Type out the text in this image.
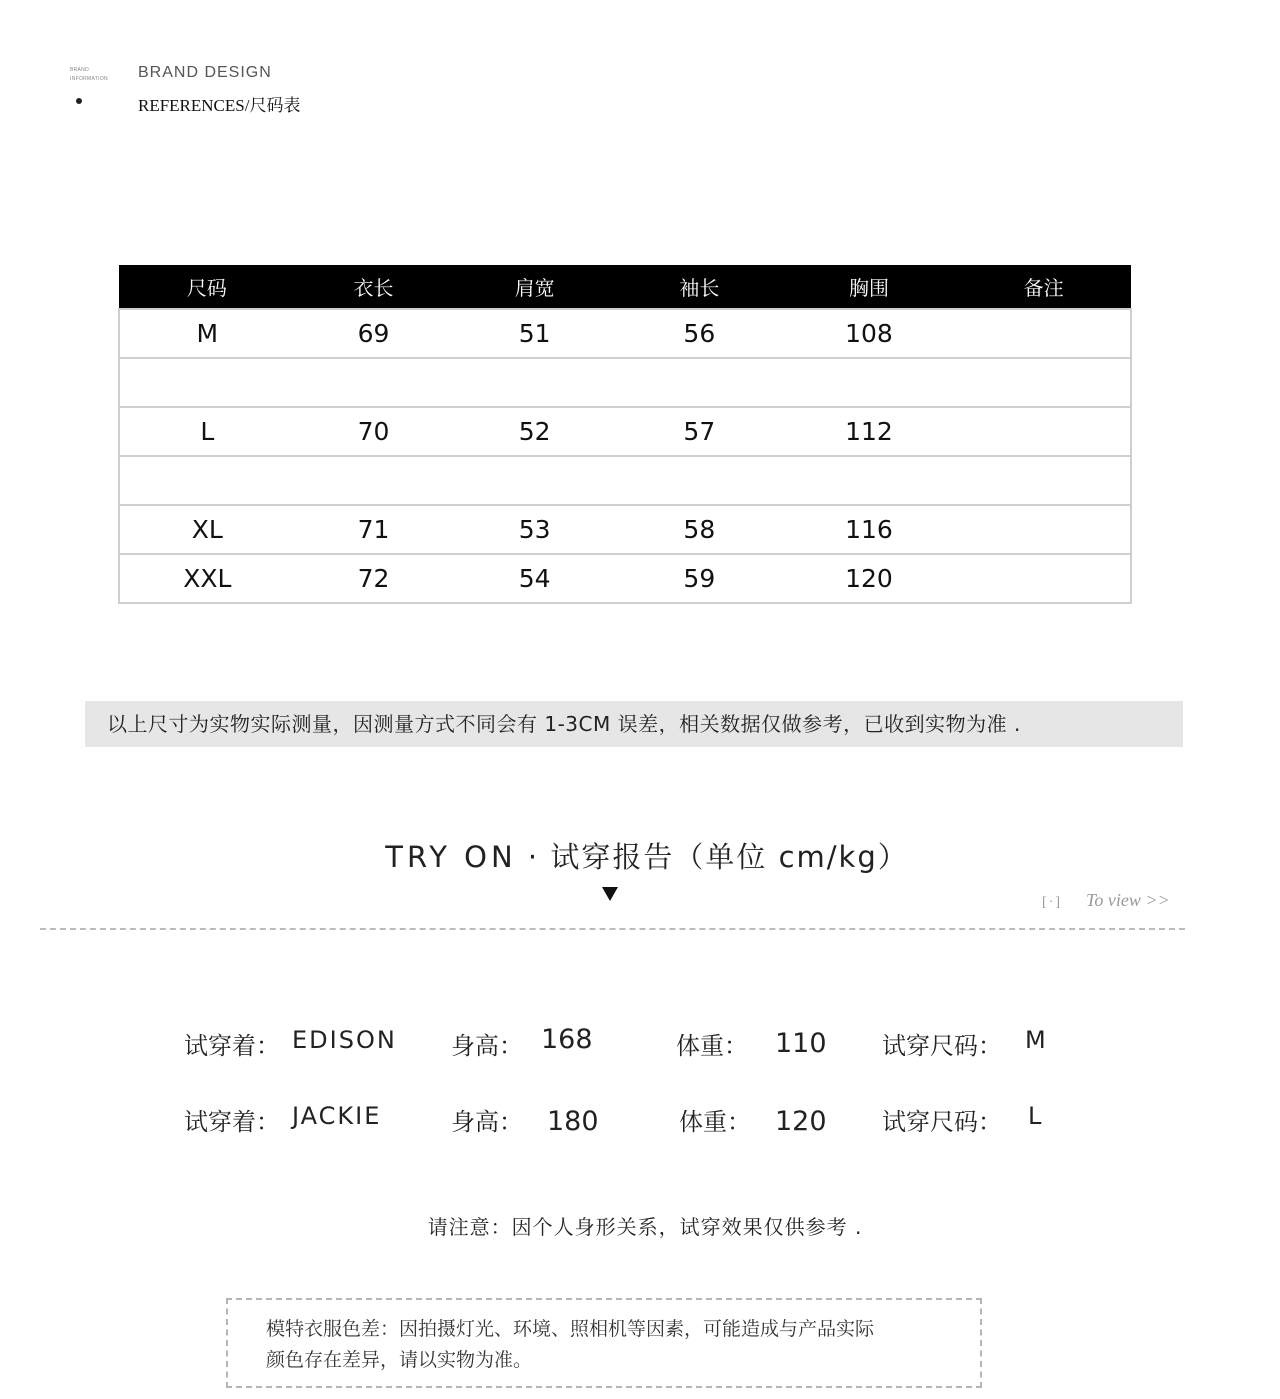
BRAND
INFORMATION BRAND DESIGN
REFERENCES/尺码表
尺码	衣长	肩宽	袖长	胸围	备注
M	69	51	56	108	

L	70	52	57	112	

XL	71	53	58	116	
XXL	72	54	59	120	
以上尺寸为实物实际测量，因测量方式不同会有 1-3CM 误差，相关数据仅做参考，已收到实物为准 .
TRY ON · 试穿报告（单位 cm/kg）
[·] To view >>
试穿着： EDISON 身高： 168	体重： 110 试穿尺码： M
试穿着： JACKIE	身高： 180	体重： 120 试穿尺码： L
请注意：因个人身形关系，试穿效果仅供参考 .
模特衣服色差：因拍摄灯光、环境、照相机等因素，可能造成与产品实际
颜色存在差异，请以实物为准。
